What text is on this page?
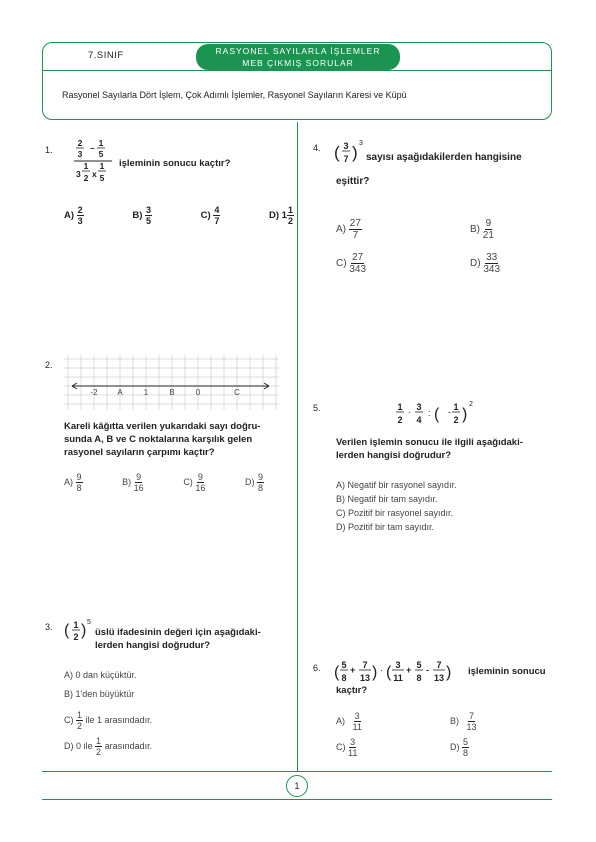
7.SINIF	RASYONEL SAYILARLA İŞLEMLER
MEB ÇIKMIŞ SORULAR
Rasyonel Sayılarla Dört İşlem, Çok Adımlı İşlemler, Rasyonel Sayıların Karesi ve Küpü
1.
2
3
– 1
5
3
1
2 x
1
5
işleminin sonucu kaçtır?
$A) \frac{2}{3}$	$B) \frac{3}{5}$	$C) \frac{4}{7}$	D) $1 \frac{1}{2}$
2.
-2 A	1	B	0	C
Kareli kâğıtta verilen yukarıdaki sayı doğru-
sunda A, B ve C noktalarına karşılık gelen
rasyonel sayıların çarpımı kaçtır?
$A) \frac{9}{8}$	$B) \frac{9}{16}$	$C) \frac{9}{16}$	$D) \frac{9}{8}$
3. ( 1
2 ) 5
üslü ifadesinin değeri için aşağıdaki-
lerden hangisi doğrudur?
A) 0 dan küçüktür.
B) 1'den büyüktür
$C) \frac{1}{2}$ ile 1 arasındadır.
D) 0 ile $\frac{1}{2}$ arasındadır.
4. ( 3
7 ) 3
sayısı aşağıdakilerden hangisine
eşittir?
$A) \frac{27}{7}$	$B) \frac{9}{21}$
$C) \frac{27}{343}$	$D) \frac{33}{343}$
5.	1
2
· 3
4
: ( - 1
2 )
2
Verilen işlemin sonucu ile ilgili aşağıdaki-
lerden hangisi doğrudur?
A) Negatif bir rasyonel sayıdır.
B) Negatif bir tam sayıdır.
C) Pozitif bir rasyonel sayıdır.
D) Pozitif bir tam sayıdır.
6. ( 5
8
+ 7
13 ) · ( 3
11
+ 5
8
- 7
13 ) işleminin sonucu
kaçtır?
$A) \frac{3}{11}$	$B) \frac{7}{13}$
$C) \frac{3}{11}$	$D) \frac{5}{8}$
1
